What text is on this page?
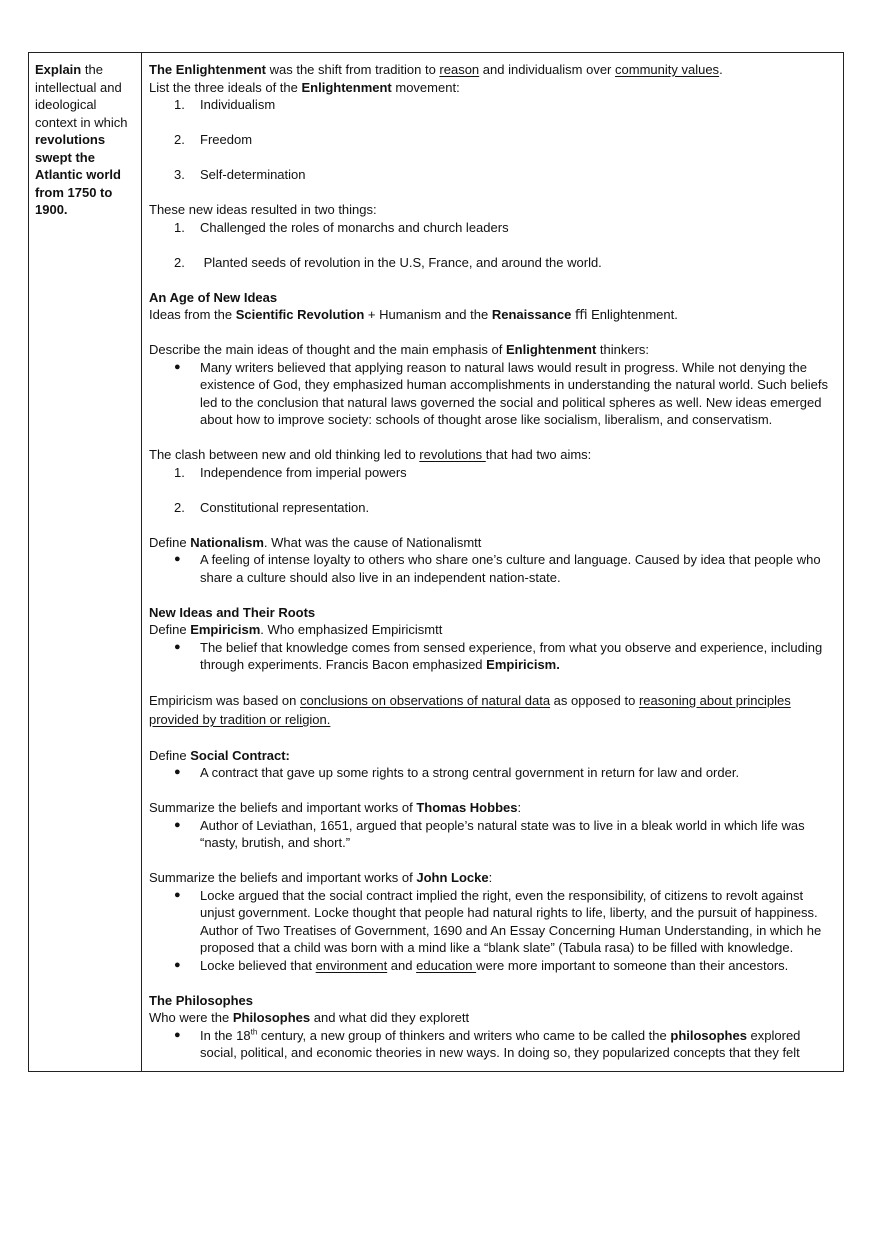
Explain the intellectual and ideological context in which revolutions swept the Atlantic world from 1750 to 1900.
The Enlightenment was the shift from tradition to reason and individualism over community values.
List the three ideals of the Enlightenment movement:
1. Individualism
2. Freedom
3. Self-determination
These new ideas resulted in two things:
1. Challenged the roles of monarchs and church leaders
2. Planted seeds of revolution in the U.S, France, and around the world.
An Age of New Ideas
Ideas from the Scientific Revolution + Humanism and the Renaissance ﬃ Enlightenment.
Describe the main ideas of thought and the main emphasis of Enlightenment thinkers:
● Many writers believed that applying reason to natural laws would result in progress. While not denying the existence of God, they emphasized human accomplishments in understanding the natural world. Such beliefs led to the conclusion that natural laws governed the social and political spheres as well. New ideas emerged about how to improve society: schools of thought arose like socialism, liberalism, and conservatism.
The clash between new and old thinking led to revolutions that had two aims:
1. Independence from imperial powers
2. Constitutional representation.
Define Nationalism. What was the cause of Nationalismtt
● A feeling of intense loyalty to others who share one’s culture and language. Caused by idea that people who share a culture should also live in an independent nation-state.
New Ideas and Their Roots
Define Empiricism. Who emphasized Empiricismtt
● The belief that knowledge comes from sensed experience, from what you observe and experience, including through experiments. Francis Bacon emphasized Empiricism.
Empiricism was based on conclusions on observations of natural data as opposed to reasoning about principles provided by tradition or religion.
Define Social Contract:
● A contract that gave up some rights to a strong central government in return for law and order.
Summarize the beliefs and important works of Thomas Hobbes:
● Author of Leviathan, 1651, argued that people’s natural state was to live in a bleak world in which life was “nasty, brutish, and short.”
Summarize the beliefs and important works of John Locke:
● Locke argued that the social contract implied the right, even the responsibility, of citizens to revolt against unjust government. Locke thought that people had natural rights to life, liberty, and the pursuit of happiness. Author of Two Treatises of Government, 1690 and An Essay Concerning Human Understanding, in which he proposed that a child was born with a mind like a “blank slate” (Tabula rasa) to be filled with knowledge.
● Locke believed that environment and education were more important to someone than their ancestors.
The Philosophes
Who were the Philosophes and what did they explorett
● In the 18th century, a new group of thinkers and writers who came to be called the philosophes explored social, political, and economic theories in new ways. In doing so, they popularized concepts that they felt
